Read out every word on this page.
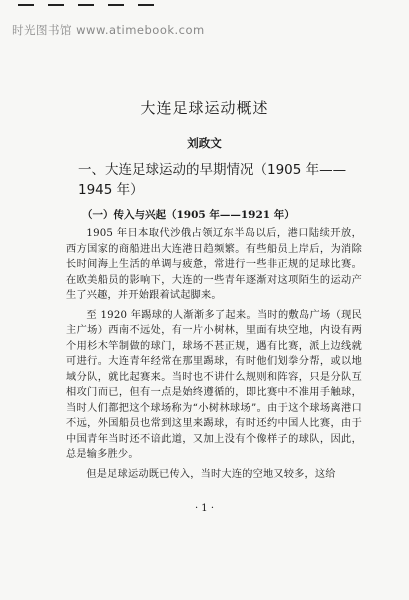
时光图书馆 www.atimebook.com
大连足球运动概述
刘政文
一、大连足球运动的早期情况（1905 年——1945 年）
（一）传入与兴起（1905 年——1921 年）

1905 年日本取代沙俄占领辽东半岛以后，港口陆续开放，西方国家的商船进出大连港日趋频繁。有些船员上岸后，为消除长时间海上生活的单调与疲惫，常进行一些非正规的足球比赛。在欧美船员的影响下，大连的一些青年逐渐对这项陌生的运动产生了兴趣，并开始跟着试起脚来。

至 1920 年踢球的人渐渐多了起来。当时的敷岛广场（现民主广场）西南不远处，有一片小树林，里面有块空地，内设有两个用杉木竿制做的球门，球场不甚正规，遇有比赛，派上边线就可进行。大连青年经常在那里踢球，有时他们划拳分帮，或以地域分队，就比起赛来。当时也不讲什么规则和阵容，只是分队互相攻门而已，但有一点是始终遵循的，即比赛中不准用手触球，当时人们都把这个球场称为“小树林球场”。由于这个球场离港口不远，外国船员也常到这里来踢球，有时还约中国人比赛，由于中国青年当时还不谙此道，又加上没有个像样子的球队，因此，总是输多胜少。

但是足球运动既已传入，当时大连的空地又较多，这给

· 1 ·
